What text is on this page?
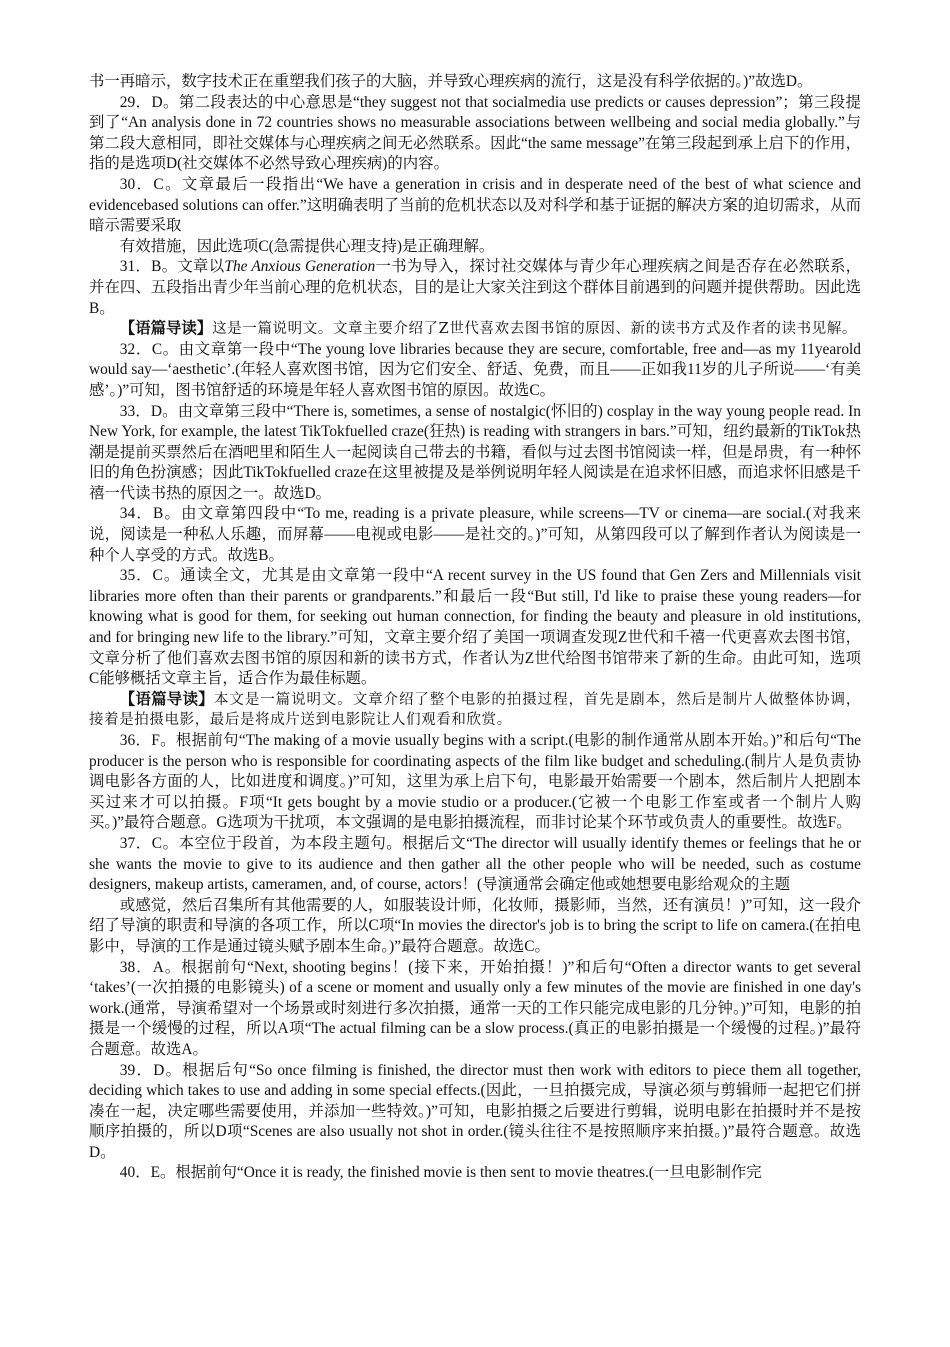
书一再暗示，数字技术正在重塑我们孩子的大脑，并导致心理疾病的流行，这是没有科学依据的。)”故选D。

29．D。第二段表达的中心意思是“they suggest not that socialmedia use predicts or causes depression”；第三段提到了“An analysis done in 72 countries shows no measurable associations between wellbeing and social media globally.”与第二段大意相同，即社交媒体与心理疾病之间无必然联系。因此“the same message”在第三段起到承上启下的作用，指的是选项D(社交媒体不必然导致心理疾病)的内容。

30．C。文章最后一段指出“We have a generation in crisis and in desperate need of the best of what science and evidencebased solutions can offer.”这明确表明了当前的危机状态以及对科学和基于证据的解决方案的迫切需求，从而暗示需要采取

有效措施，因此选项C(急需提供心理支持)是正确理解。

31．B。文章以The Anxious Generation一书为导入，探讨社交媒体与青少年心理疾病之间是否存在必然联系，并在四、五段指出青少年当前心理的危机状态，目的是让大家关注到这个群体目前遇到的问题并提供帮助。因此选B。

【语篇导读】这是一篇说明文。文章主要介绍了Z世代喜欢去图书馆的原因、新的读书方式及作者的读书见解。

32．C。由文章第一段中“The young love libraries because they are secure, comfortable, free and—as my 11yearold would say—‘aesthetic’.(年轻人喜欢图书馆，因为它们安全、舒适、免费，而且——正如我11岁的儿子所说——‘有美感’。)”可知，图书馆舒适的环境是年轻人喜欢图书馆的原因。故选C。

33．D。由文章第三段中“There is, sometimes, a sense of nostalgic(怀旧的) cosplay in the way young people read. In New York, for example, the latest TikTokfuelled craze(狂热) is reading with strangers in bars.”可知，纽约最新的TikTok热潮是提前买票然后在酒吧里和陌生人一起阅读自己带去的书籍，看似与过去图书馆阅读一样，但是昂贵，有一种怀旧的角色扮演感；因此TikTokfuelled craze在这里被提及是举例说明年轻人阅读是在追求怀旧感，而追求怀旧感是千禧一代读书热的原因之一。故选D。

34．B。由文章第四段中“To me, reading is a private pleasure, while screens—TV or cinema—are social.(对我来说，阅读是一种私人乐趣，而屏幕——电视或电影——是社交的。)”可知，从第四段可以了解到作者认为阅读是一种个人享受的方式。故选B。

35．C。通读全文，尤其是由文章第一段中“A recent survey in the US found that Gen Zers and Millennials visit libraries more often than their parents or grandparents.”和最后一段“But still, I'd like to praise these young readers—for knowing what is good for them, for seeking out human connection, for finding the beauty and pleasure in old institutions, and for bringing new life to the library.”可知，文章主要介绍了美国一项调查发现Z世代和千禧一代更喜欢去图书馆，文章分析了他们喜欢去图书馆的原因和新的读书方式，作者认为Z世代给图书馆带来了新的生命。由此可知，选项C能够概括文章主旨，适合作为最佳标题。

【语篇导读】本文是一篇说明文。文章介绍了整个电影的拍摄过程，首先是剧本，然后是制片人做整体协调，接着是拍摄电影，最后是将成片送到电影院让人们观看和欣赏。

36．F。根据前句“The making of a movie usually begins with a script.(电影的制作通常从剧本开始。)”和后句“The producer is the person who is responsible for coordinating aspects of the film like budget and scheduling.(制片人是负责协调电影各方面的人，比如进度和调度。)”可知，这里为承上启下句，电影最开始需要一个剧本，然后制片人把剧本买过来才可以拍摄。F项“It gets bought by a movie studio or a producer.(它被一个电影工作室或者一个制片人购买。)”最符合题意。G选项为干扰项，本文强调的是电影拍摄流程，而非讨论某个环节或负责人的重要性。故选F。

37．C。本空位于段首，为本段主题句。根据后文“The director will usually identify themes or feelings that he or she wants the movie to give to its audience and then gather all the other people who will be needed, such as costume designers, makeup artists, cameramen, and, of course, actors！(导演通常会确定他或她想要电影给观众的主题

或感觉，然后召集所有其他需要的人，如服装设计师，化妆师，摄影师，当然，还有演员！)”可知，这一段介绍了导演的职责和导演的各项工作，所以C项“In movies the director's job is to bring the script to life on camera.(在拍电影中，导演的工作是通过镜头赋予剧本生命。)”最符合题意。故选C。

38．A。根据前句“Next, shooting begins！(接下来，开始拍摄！)”和后句“Often a director wants to get several ‘takes’(一次拍摄的电影镜头) of a scene or moment and usually only a few minutes of the movie are finished in one day's work.(通常，导演希望对一个场景或时刻进行多次拍摄，通常一天的工作只能完成电影的几分钟。)”可知，电影的拍摄是一个缓慢的过程，所以A项“The actual filming can be a slow process.(真正的电影拍摄是一个缓慢的过程。)”最符合题意。故选A。

39．D。根据后句“So once filming is finished, the director must then work with editors to piece them all together, deciding which takes to use and adding in some special effects.(因此，一旦拍摄完成，导演必须与剪辑师一起把它们拼凑在一起，决定哪些需要使用，并添加一些特效。)”可知，电影拍摄之后要进行剪辑，说明电影在拍摄时并不是按顺序拍摄的，所以D项“Scenes are also usually not shot in order.(镜头往往不是按照顺序来拍摄。)”最符合题意。故选D。

40．E。根据前句“Once it is ready, the finished movie is then sent to movie theatres.(一旦电影制作完
